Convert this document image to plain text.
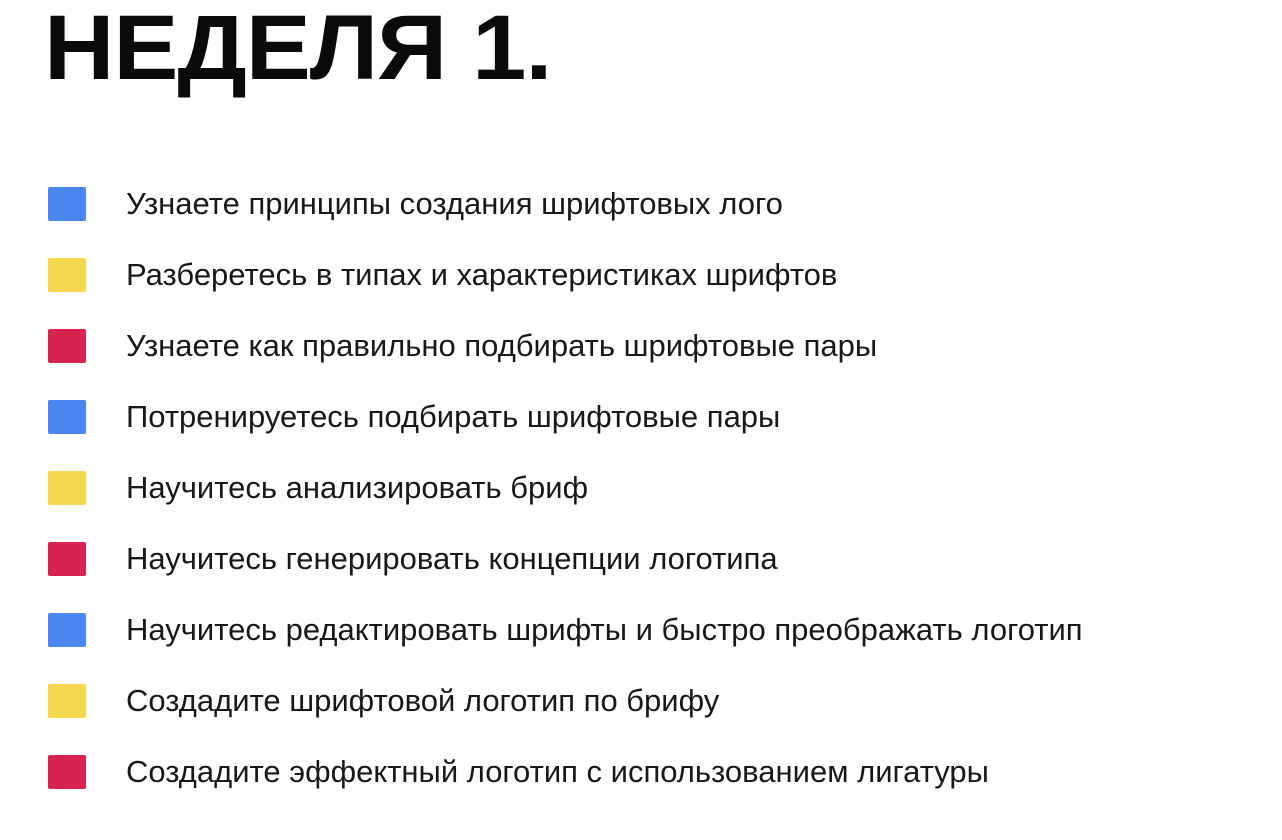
НЕДЕЛЯ 1.
Узнаете принципы создания шрифтовых лого
Разберетесь в типах и характеристиках шрифтов
Узнаете как правильно подбирать шрифтовые пары
Потренируетесь подбирать шрифтовые пары
Научитесь анализировать бриф
Научитесь генерировать концепции логотипа
Научитесь редактировать шрифты и быстро преображать логотип
Создадите шрифтовой логотип по брифу
Создадите эффектный логотип с использованием лигатуры
